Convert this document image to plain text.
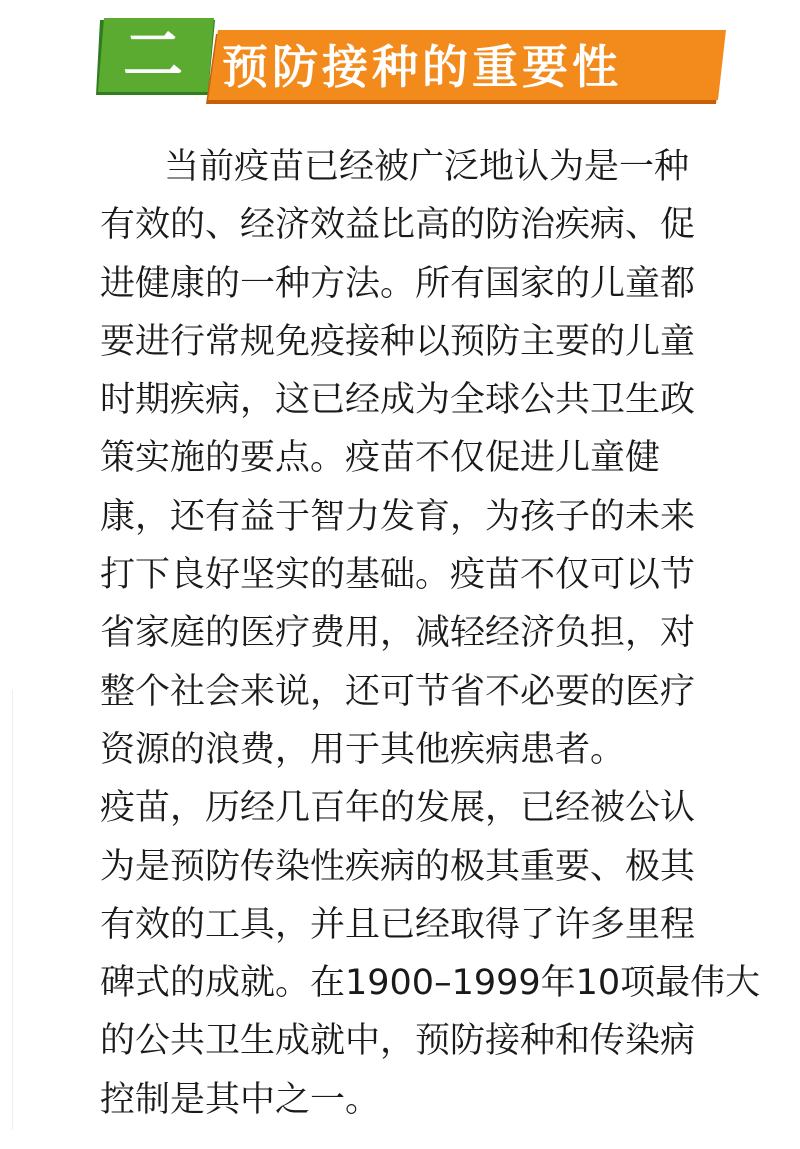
二 预防接种的重要性
当前疫苗已经被广泛地认为是一种
有效的、经济效益比高的防治疾病、促
进健康的一种方法。所有国家的儿童都
要进行常规免疫接种以预防主要的儿童
时期疾病，这已经成为全球公共卫生政
策实施的要点。疫苗不仅促进儿童健
康，还有益于智力发育，为孩子的未来
打下良好坚实的基础。疫苗不仅可以节
省家庭的医疗费用，减轻经济负担，对
整个社会来说，还可节省不必要的医疗
资源的浪费，用于其他疾病患者。
疫苗，历经几百年的发展，已经被公认
为是预防传染性疾病的极其重要、极其
有效的工具，并且已经取得了许多里程
碑式的成就。在1900–1999年10项最伟大
的公共卫生成就中，预防接种和传染病
控制是其中之一。
